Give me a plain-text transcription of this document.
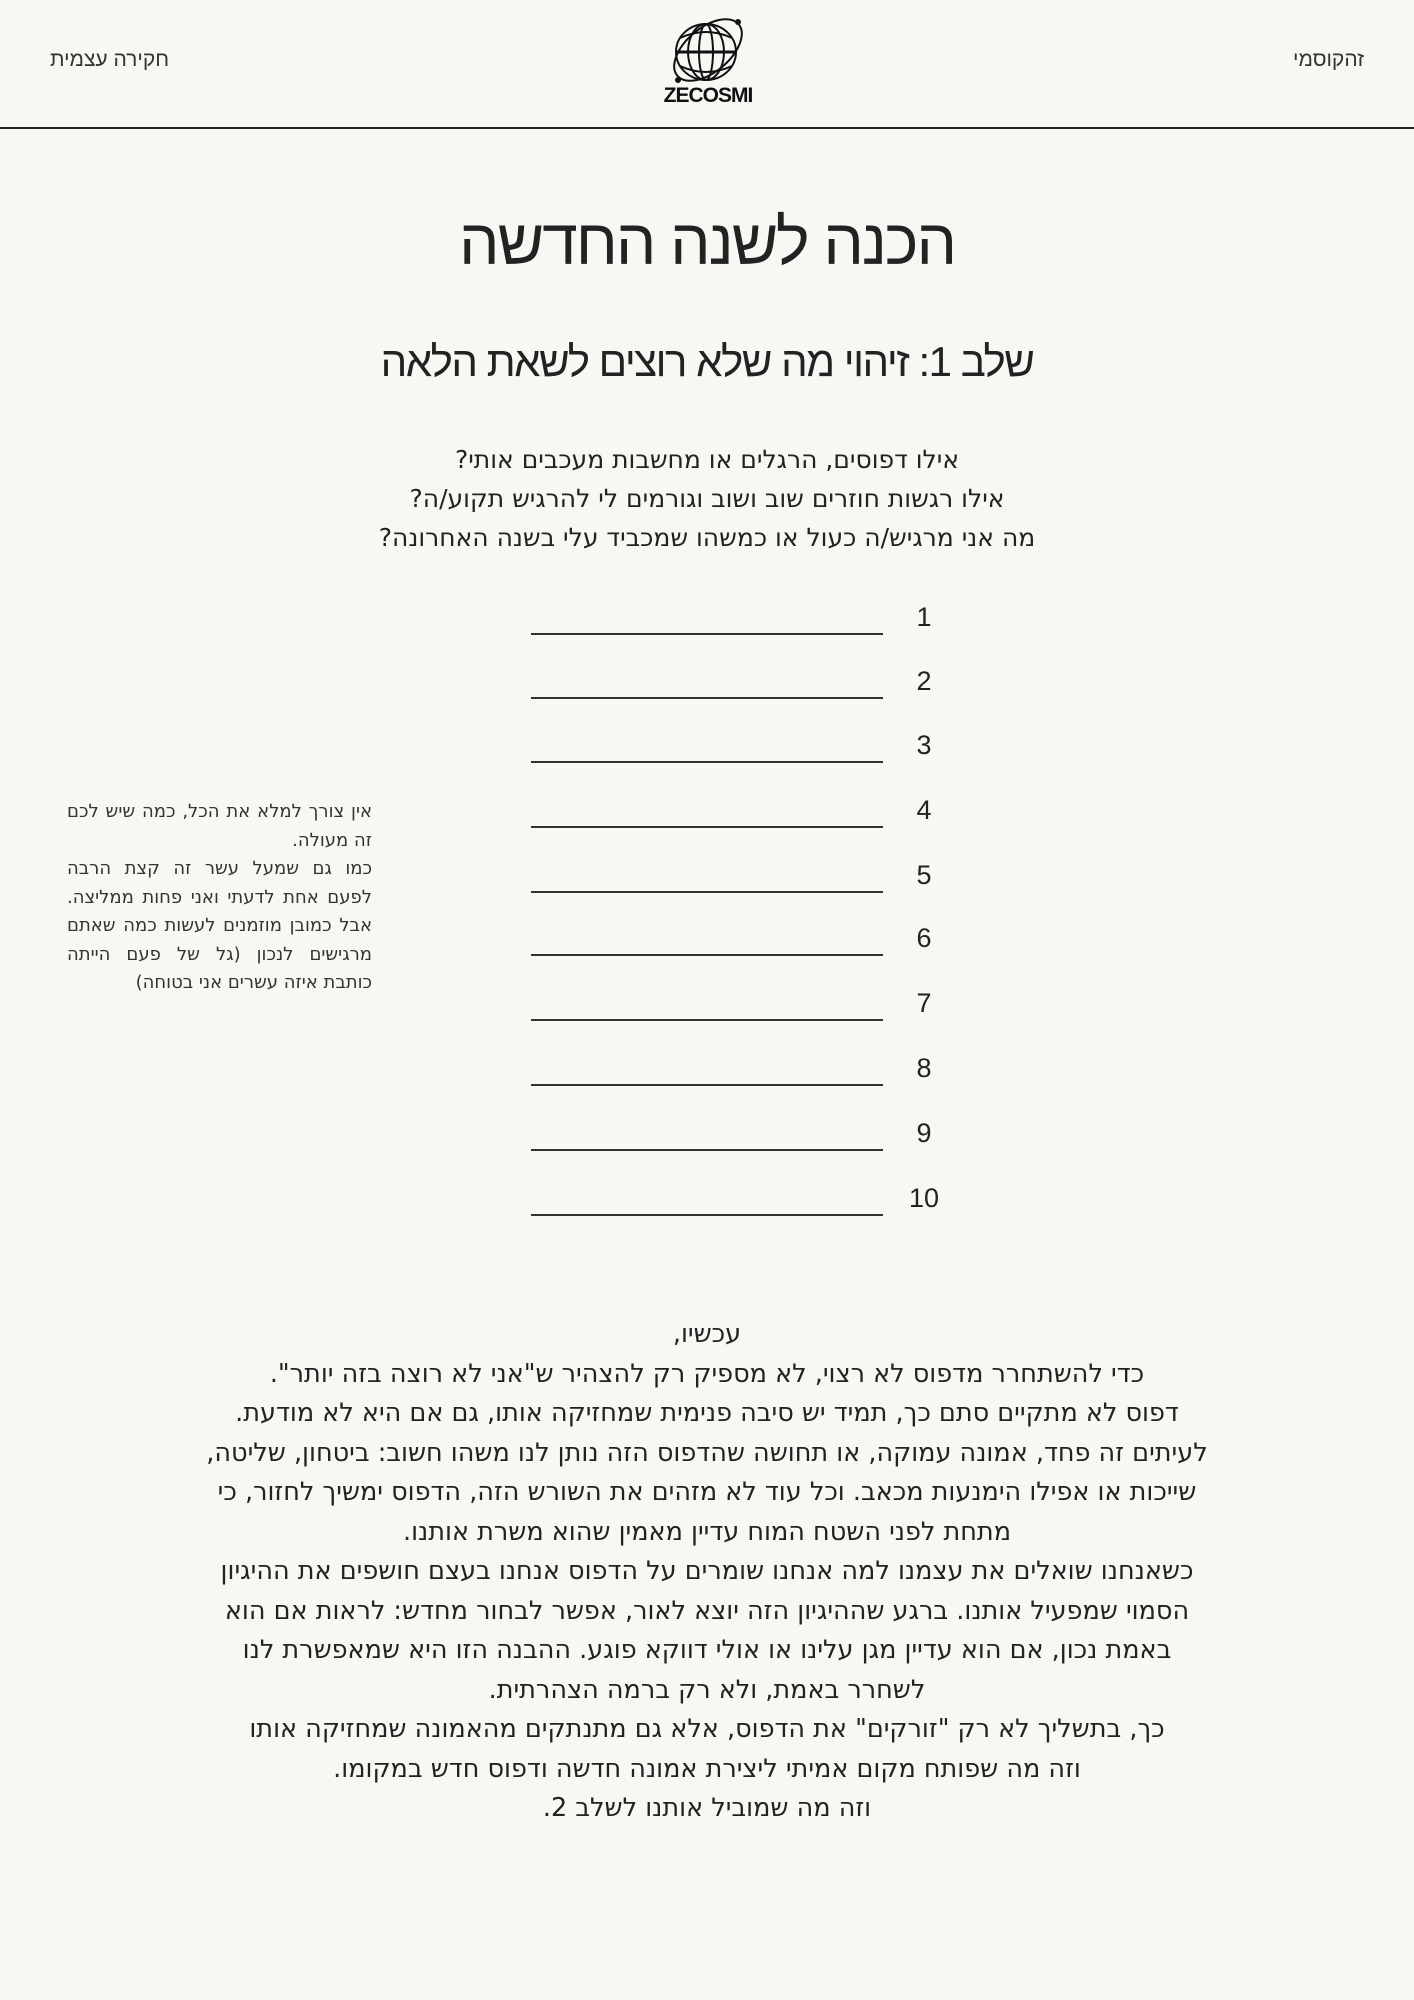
זהקוסמי
ZECOSMI
חקירה עצמית
הכנה לשנה החדשה
שלב 1: זיהוי מה שלא רוצים לשאת הלאה
אילו דפוסים, הרגלים או מחשבות מעכבים אותי?
אילו רגשות חוזרים שוב ושוב וגורמים לי להרגיש תקוע/ה?
מה אני מרגיש/ה כעול או כמשהו שמכביד עלי בשנה האחרונה?
1
2
3
4
5
6
7
8
9
10

אין צורך למלא את הכל, כמה שיש לכם זה מעולה.

כמו גם שמעל עשר זה קצת הרבה לפעם אחת לדעתי ואני פחות ממליצה. אבל כמובן מוזמנים לעשות כמה שאתם מרגישים לנכון (גל של פעם הייתה כותבת איזה עשרים אני בטוחה)

עכשיו,

כדי להשתחרר מדפוס לא רצוי, לא מספיק רק להצהיר ש"אני לא רוצה בזה יותר".

דפוס לא מתקיים סתם כך, תמיד יש סיבה פנימית שמחזיקה אותו, גם אם היא לא מודעת.

לעיתים זה פחד, אמונה עמוקה, או תחושה שהדפוס הזה נותן לנו משהו חשוב: ביטחון, שליטה,

שייכות או אפילו הימנעות מכאב. וכל עוד לא מזהים את השורש הזה, הדפוס ימשיך לחזור, כי

מתחת לפני השטח המוח עדיין מאמין שהוא משרת אותנו.

כשאנחנו שואלים את עצמנו למה אנחנו שומרים על הדפוס אנחנו בעצם חושפים את ההיגיון

הסמוי שמפעיל אותנו. ברגע שההיגיון הזה יוצא לאור, אפשר לבחור מחדש: לראות אם הוא

באמת נכון, אם הוא עדיין מגן עלינו או אולי דווקא פוגע. ההבנה הזו היא שמאפשרת לנו

לשחרר באמת, ולא רק ברמה הצהרתית.

כך, בתשליך לא רק "זורקים" את הדפוס, אלא גם מתנתקים מהאמונה שמחזיקה אותו

וזה מה שפותח מקום אמיתי ליצירת אמונה חדשה ודפוס חדש במקומו.

וזה מה שמוביל אותנו לשלב 2.
